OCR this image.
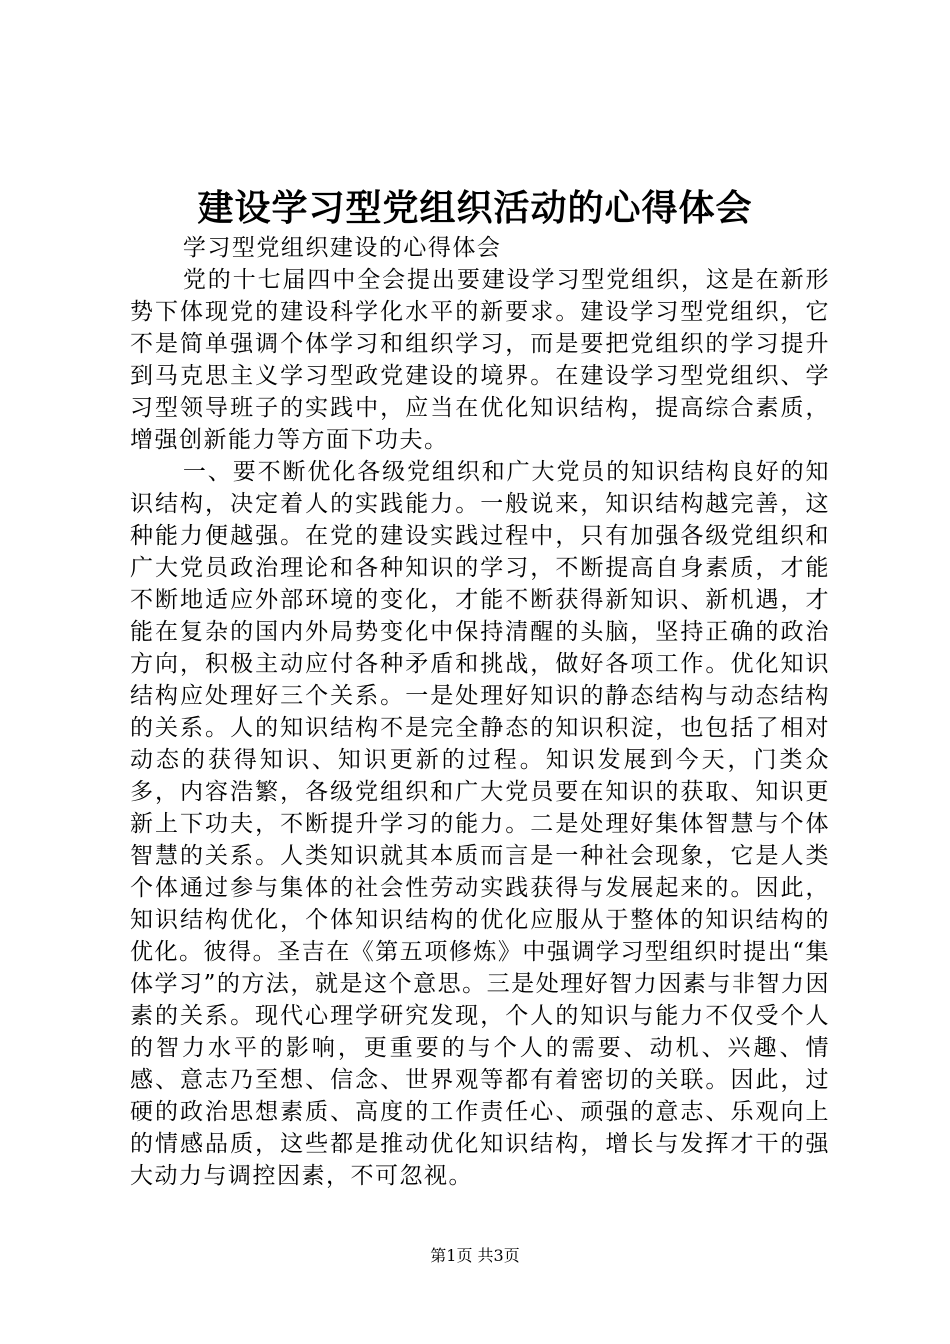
建设学习型党组织活动的心得体会

学习型党组织建设的心得体会

党的十七届四中全会提出要建设学习型党组织，这是在新形势下体现党的建设科学化水平的新要求。建设学习型党组织，它不是简单强调个体学习和组织学习，而是要把党组织的学习提升到马克思主义学习型政党建设的境界。在建设学习型党组织、学习型领导班子的实践中，应当在优化知识结构，提高综合素质，增强创新能力等方面下功夫。

一、要不断优化各级党组织和广大党员的知识结构良好的知识结构，决定着人的实践能力。一般说来，知识结构越完善，这种能力便越强。在党的建设实践过程中，只有加强各级党组织和广大党员政治理论和各种知识的学习，不断提高自身素质，才能不断地适应外部环境的变化，才能不断获得新知识、新机遇，才能在复杂的国内外局势变化中保持清醒的头脑，坚持正确的政治方向，积极主动应付各种矛盾和挑战，做好各项工作。优化知识结构应处理好三个关系。一是处理好知识的静态结构与动态结构的关系。人的知识结构不是完全静态的知识积淀，也包括了相对动态的获得知识、知识更新的过程。知识发展到今天，门类众多，内容浩繁，各级党组织和广大党员要在知识的获取、知识更新上下功夫，不断提升学习的能力。二是处理好集体智慧与个体智慧的关系。人类知识就其本质而言是一种社会现象，它是人类个体通过参与集体的社会性劳动实践获得与发展起来的。因此，知识结构优化，个体知识结构的优化应服从于整体的知识结构的优化。彼得。圣吉在《第五项修炼》中强调学习型组织时提出“集体学习”的方法，就是这个意思。三是处理好智力因素与非智力因素的关系。现代心理学研究发现，个人的知识与能力不仅受个人的智力水平的影响，更重要的与个人的需要、动机、兴趣、情感、意志乃至想、信念、世界观等都有着密切的关联。因此，过硬的政治思想素质、高度的工作责任心、顽强的意志、乐观向上的情感品质，这些都是推动优化知识结构，增长与发挥才干的强大动力与调控因素，不可忽视。

第1页 共3页
